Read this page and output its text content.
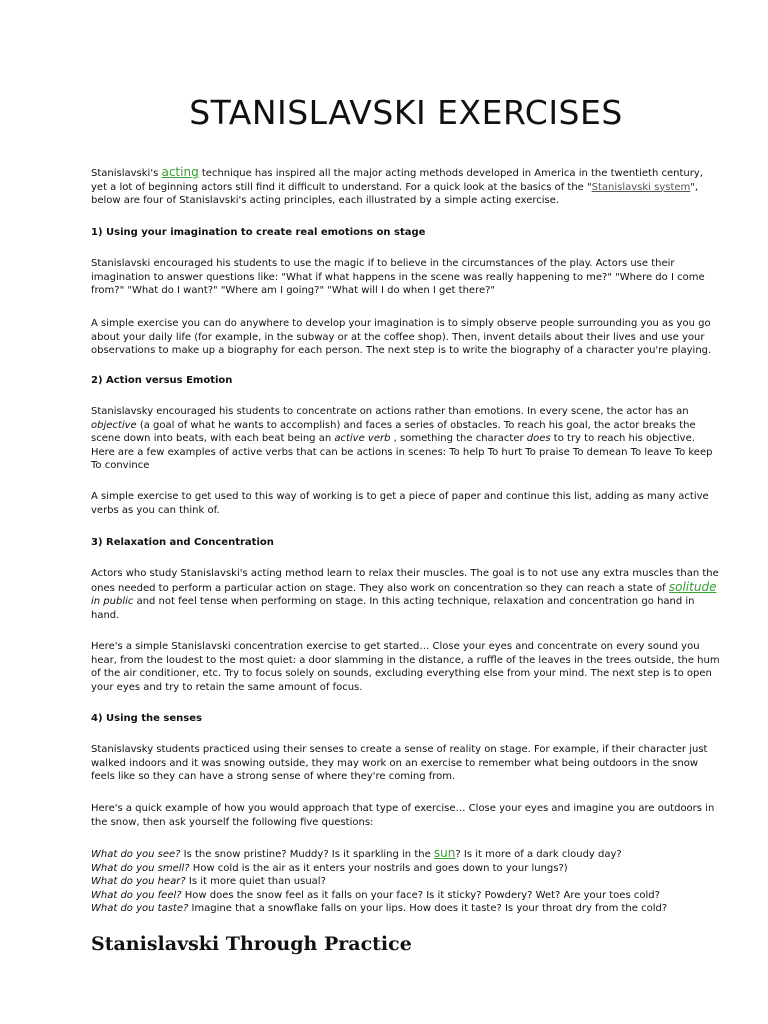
STANISLAVSKI EXERCISES

Stanislavski's acting technique has inspired all the major acting methods developed in America in the twentieth century, yet a lot of beginning actors still find it difficult to understand. For a quick look at the basics of the "Stanislavski system", below are four of Stanislavski's acting principles, each illustrated by a simple acting exercise.

1) Using your imagination to create real emotions on stage

Stanislavski encouraged his students to use the magic if to believe in the circumstances of the play. Actors use their imagination to answer questions like: "What if what happens in the scene was really happening to me?" "Where do I come from?" "What do I want?" "Where am I going?" "What will I do when I get there?"

A simple exercise you can do anywhere to develop your imagination is to simply observe people surrounding you as you go about your daily life (for example, in the subway or at the coffee shop). Then, invent details about their lives and use your observations to make up a biography for each person. The next step is to write the biography of a character you're playing.

2) Action versus Emotion

Stanislavsky encouraged his students to concentrate on actions rather than emotions. In every scene, the actor has an objective (a goal of what he wants to accomplish) and faces a series of obstacles. To reach his goal, the actor breaks the scene down into beats, with each beat being an active verb , something the character does to try to reach his objective. Here are a few examples of active verbs that can be actions in scenes: To help To hurt To praise To demean To leave To keep To convince

A simple exercise to get used to this way of working is to get a piece of paper and continue this list, adding as many active verbs as you can think of.

3) Relaxation and Concentration

Actors who study Stanislavski's acting method learn to relax their muscles. The goal is to not use any extra muscles than the ones needed to perform a particular action on stage. They also work on concentration so they can reach a state of solitude in public and not feel tense when performing on stage. In this acting technique, relaxation and concentration go hand in hand.

Here's a simple Stanislavski concentration exercise to get started… Close your eyes and concentrate on every sound you hear, from the loudest to the most quiet: a door slamming in the distance, a ruffle of the leaves in the trees outside, the hum of the air conditioner, etc. Try to focus solely on sounds, excluding everything else from your mind. The next step is to open your eyes and try to retain the same amount of focus.

4) Using the senses

Stanislavsky students practiced using their senses to create a sense of reality on stage. For example, if their character just walked indoors and it was snowing outside, they may work on an exercise to remember what being outdoors in the snow feels like so they can have a strong sense of where they're coming from.

Here's a quick example of how you would approach that type of exercise… Close your eyes and imagine you are outdoors in the snow, then ask yourself the following five questions:

What do you see? Is the snow pristine? Muddy? Is it sparkling in the sun? Is it more of a dark cloudy day?
What do you smell? How cold is the air as it enters your nostrils and goes down to your lungs?)
What do you hear? Is it more quiet than usual?
What do you feel? How does the snow feel as it falls on your face? Is it sticky? Powdery? Wet? Are your toes cold?
What do you taste? Imagine that a snowflake falls on your lips. How does it taste? Is your throat dry from the cold?
Stanislavski Through Practice
